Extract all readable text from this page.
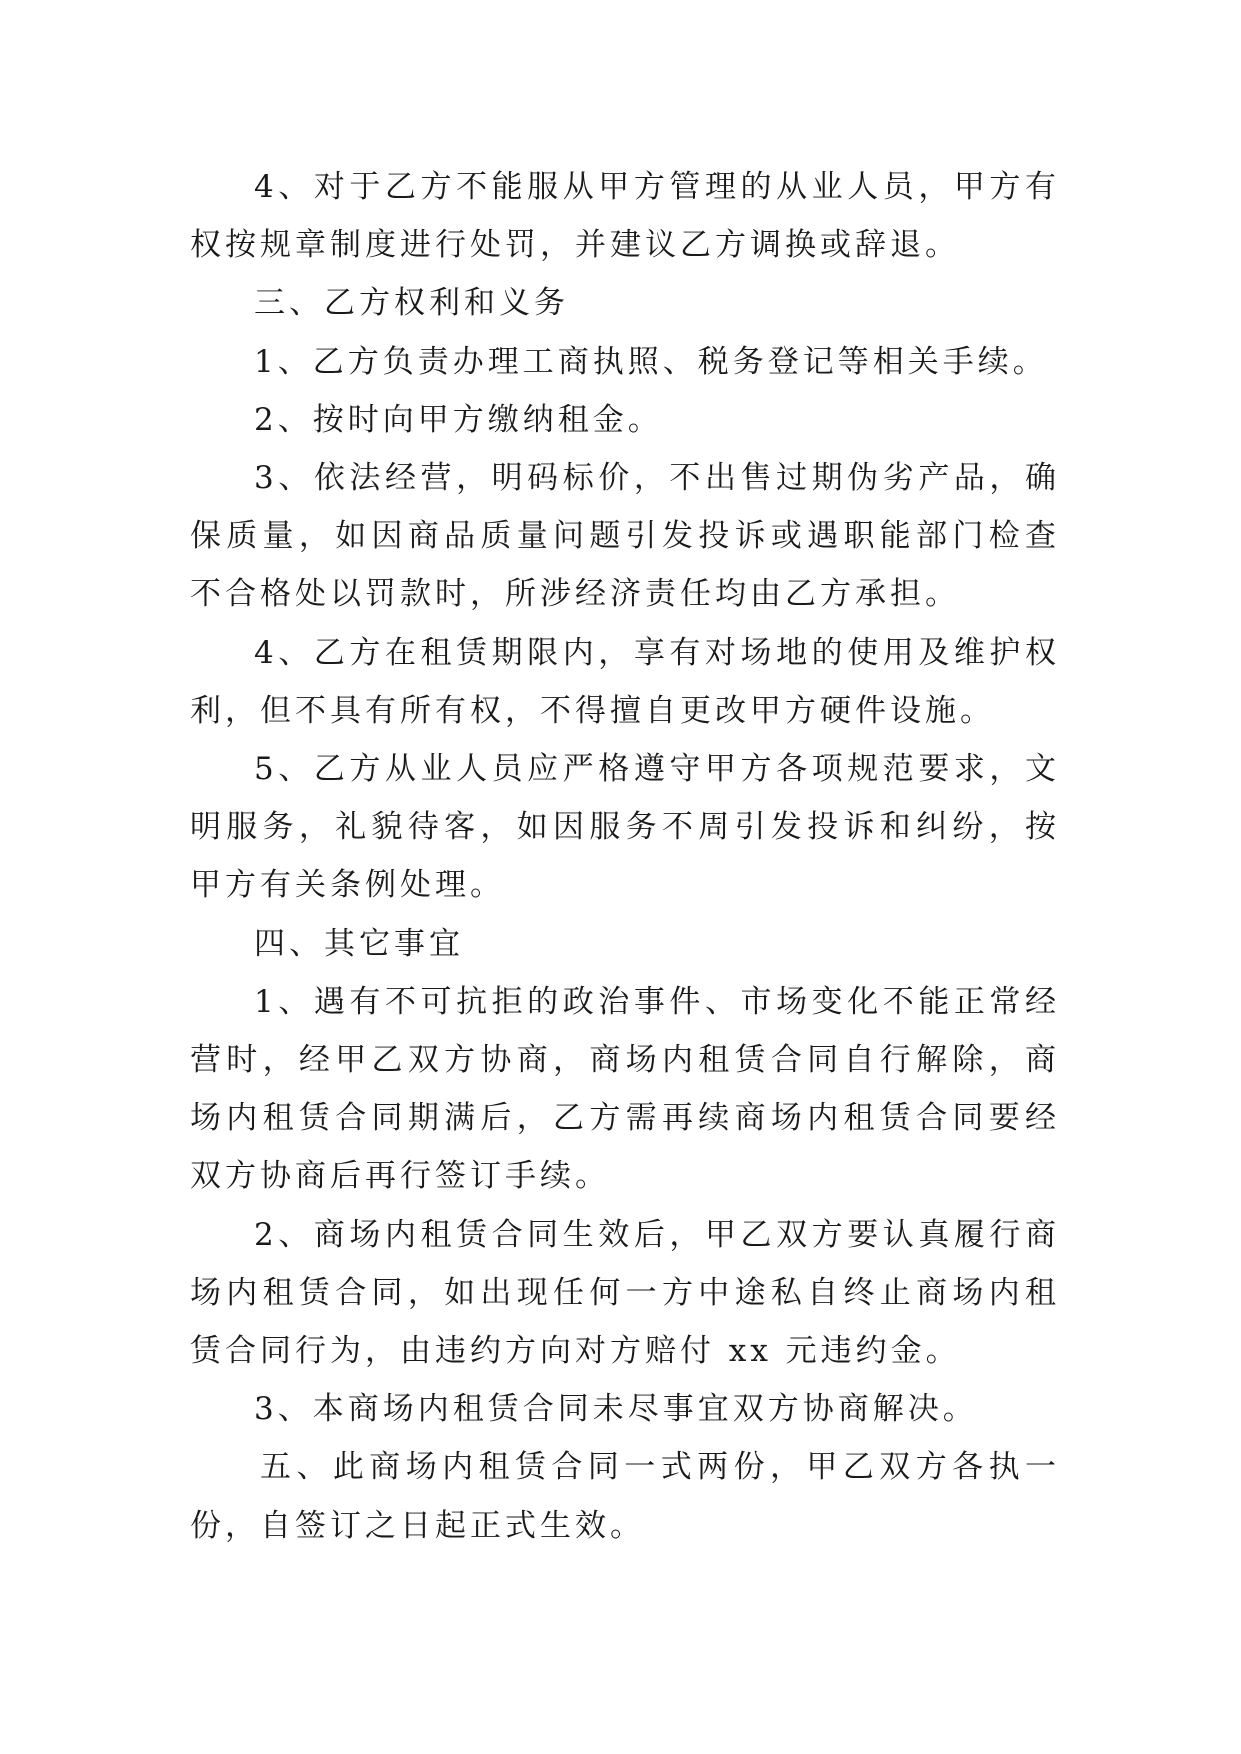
4、对于乙方不能服从甲方管理的从业人员，甲方有权按规章制度进行处罚，并建议乙方调换或辞退。

三、乙方权利和义务

1、乙方负责办理工商执照、税务登记等相关手续。

2、按时向甲方缴纳租金。

3、依法经营，明码标价，不出售过期伪劣产品，确保质量，如因商品质量问题引发投诉或遇职能部门检查不合格处以罚款时，所涉经济责任均由乙方承担。

4、乙方在租赁期限内，享有对场地的使用及维护权利，但不具有所有权，不得擅自更改甲方硬件设施。

5、乙方从业人员应严格遵守甲方各项规范要求，文明服务，礼貌待客，如因服务不周引发投诉和纠纷，按甲方有关条例处理。

四、其它事宜

1、遇有不可抗拒的政治事件、市场变化不能正常经营时，经甲乙双方协商，商场内租赁合同自行解除，商场内租赁合同期满后，乙方需再续商场内租赁合同要经双方协商后再行签订手续。

2、商场内租赁合同生效后，甲乙双方要认真履行商场内租赁合同，如出现任何一方中途私自终止商场内租赁合同行为，由违约方向对方赔付 xx 元违约金。

3、本商场内租赁合同未尽事宜双方协商解决。

五、此商场内租赁合同一式两份，甲乙双方各执一份，自签订之日起正式生效。
